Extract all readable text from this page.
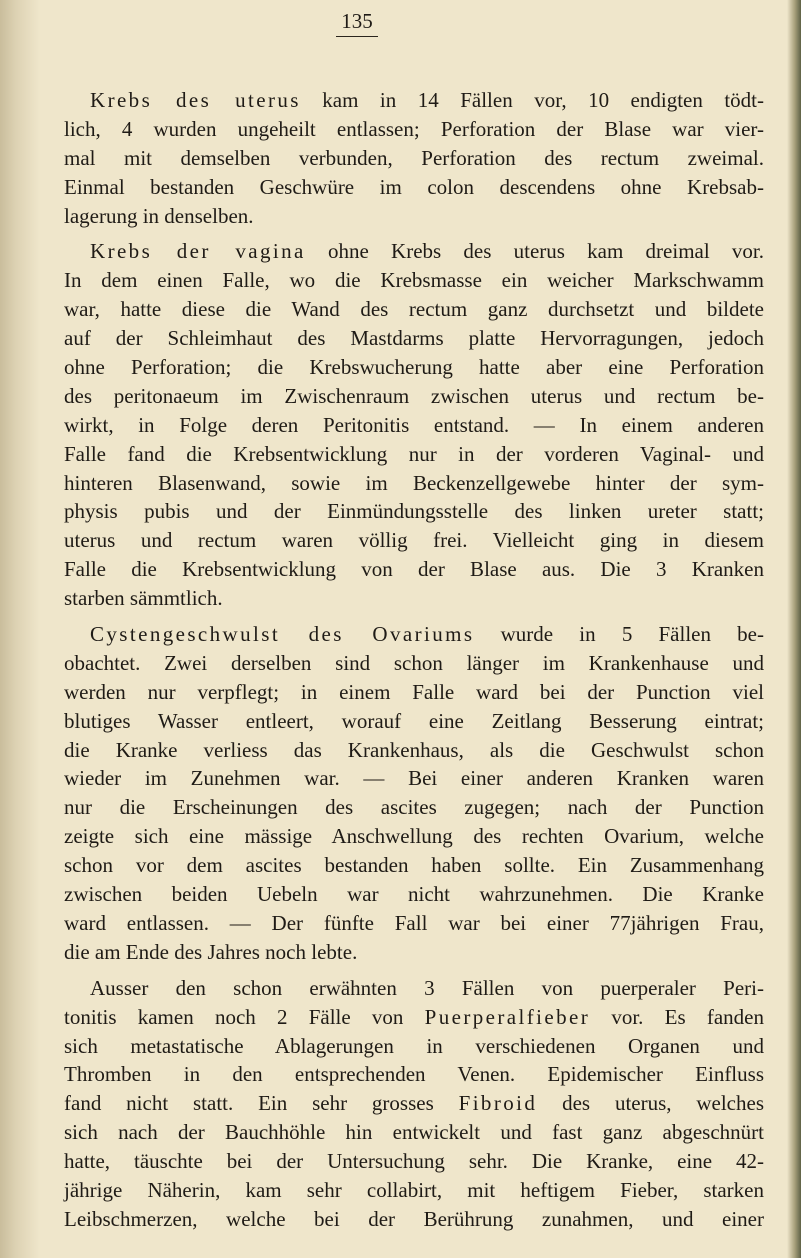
135
Krebs des uterus kam in 14 Fällen vor, 10 endigten tödt-
lich, 4 wurden ungeheilt entlassen; Perforation der Blase war vier-
mal mit demselben verbunden, Perforation des rectum zweimal.
Einmal bestanden Geschwüre im colon descendens ohne Krebsab-
lagerung in denselben.
Krebs der vagina ohne Krebs des uterus kam dreimal vor.
In dem einen Falle, wo die Krebsmasse ein weicher Markschwamm
war, hatte diese die Wand des rectum ganz durchsetzt und bildete
auf der Schleimhaut des Mastdarms platte Hervorragungen, jedoch
ohne Perforation; die Krebswucherung hatte aber eine Perforation
des peritonaeum im Zwischenraum zwischen uterus und rectum be-
wirkt, in Folge deren Peritonitis entstand. — In einem anderen
Falle fand die Krebsentwicklung nur in der vorderen Vaginal- und
hinteren Blasenwand, sowie im Beckenzellgewebe hinter der sym-
physis pubis und der Einmündungsstelle des linken ureter statt;
uterus und rectum waren völlig frei. Vielleicht ging in diesem
Falle die Krebsentwicklung von der Blase aus. Die 3 Kranken
starben sämmtlich.
Cystengeschwulst des Ovariums wurde in 5 Fällen be-
obachtet. Zwei derselben sind schon länger im Krankenhause und
werden nur verpflegt; in einem Falle ward bei der Punction viel
blutiges Wasser entleert, worauf eine Zeitlang Besserung eintrat;
die Kranke verliess das Krankenhaus, als die Geschwulst schon
wieder im Zunehmen war. — Bei einer anderen Kranken waren
nur die Erscheinungen des ascites zugegen; nach der Punction
zeigte sich eine mässige Anschwellung des rechten Ovarium, welche
schon vor dem ascites bestanden haben sollte. Ein Zusammenhang
zwischen beiden Uebeln war nicht wahrzunehmen. Die Kranke
ward entlassen. — Der fünfte Fall war bei einer 77jährigen Frau,
die am Ende des Jahres noch lebte.
Ausser den schon erwähnten 3 Fällen von puerperaler Peri-
tonitis kamen noch 2 Fälle von Puerperalfieber vor. Es fanden
sich metastatische Ablagerungen in verschiedenen Organen und
Thromben in den entsprechenden Venen. Epidemischer Einfluss
fand nicht statt. Ein sehr grosses Fibroid des uterus, welches
sich nach der Bauchhöhle hin entwickelt und fast ganz abgeschnürt
hatte, täuschte bei der Untersuchung sehr. Die Kranke, eine 42-
jährige Näherin, kam sehr collabirt, mit heftigem Fieber, starken
Leibschmerzen, welche bei der Berührung zunahmen, und einer
